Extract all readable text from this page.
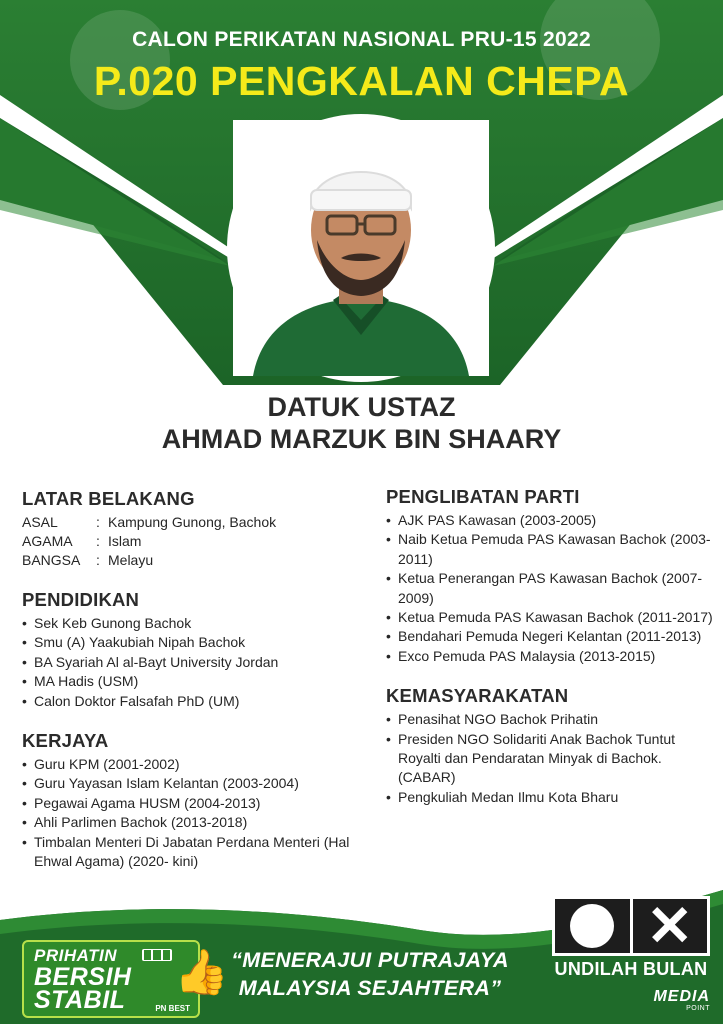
CALON PERIKATAN NASIONAL PRU-15 2022
P.020 PENGKALAN CHEPA
DATUK USTAZ
AHMAD MARZUK BIN SHAARY
LATAR BELAKANG
ASAL	: Kampung Gunong, Bachok
AGAMA	: Islam
BANGSA	: Melayu
PENDIDIKAN
• Sek Keb Gunong Bachok
• Smu (A) Yaakubiah Nipah Bachok
• BA Syariah Al al-Bayt University Jordan
• MA Hadis (USM)
• Calon Doktor Falsafah PhD (UM)
KERJAYA
• Guru KPM (2001-2002)
• Guru Yayasan Islam Kelantan (2003-2004)
• Pegawai Agama HUSM (2004-2013)
• Ahli Parlimen Bachok (2013-2018)
• Timbalan Menteri Di Jabatan Perdana Menteri (Hal Ehwal Agama) (2020- kini)
PENGLIBATAN PARTI
• AJK PAS Kawasan (2003-2005)
• Naib Ketua Pemuda PAS Kawasan Bachok (2003-2011)
• Ketua Penerangan PAS Kawasan Bachok (2007-2009)
• Ketua Pemuda PAS Kawasan Bachok (2011-2017)
• Bendahari Pemuda Negeri Kelantan (2011-2013)
• Exco Pemuda PAS Malaysia (2013-2015)
KEMASYARAKATAN
• Penasihat NGO Bachok Prihatin
• Presiden NGO Solidariti Anak Bachok Tuntut Royalti dan Pendaratan Minyak di Bachok. (CABAR)
• Pengkuliah Medan Ilmu Kota Bharu
PRIHATIN
BERSIH
STABIL
👍
PN BEST
“MENERAJUI PUTRAJAYA
MALAYSIA SEJAHTERA”
✕
UNDILAH BULAN
MEDIA
POINT
